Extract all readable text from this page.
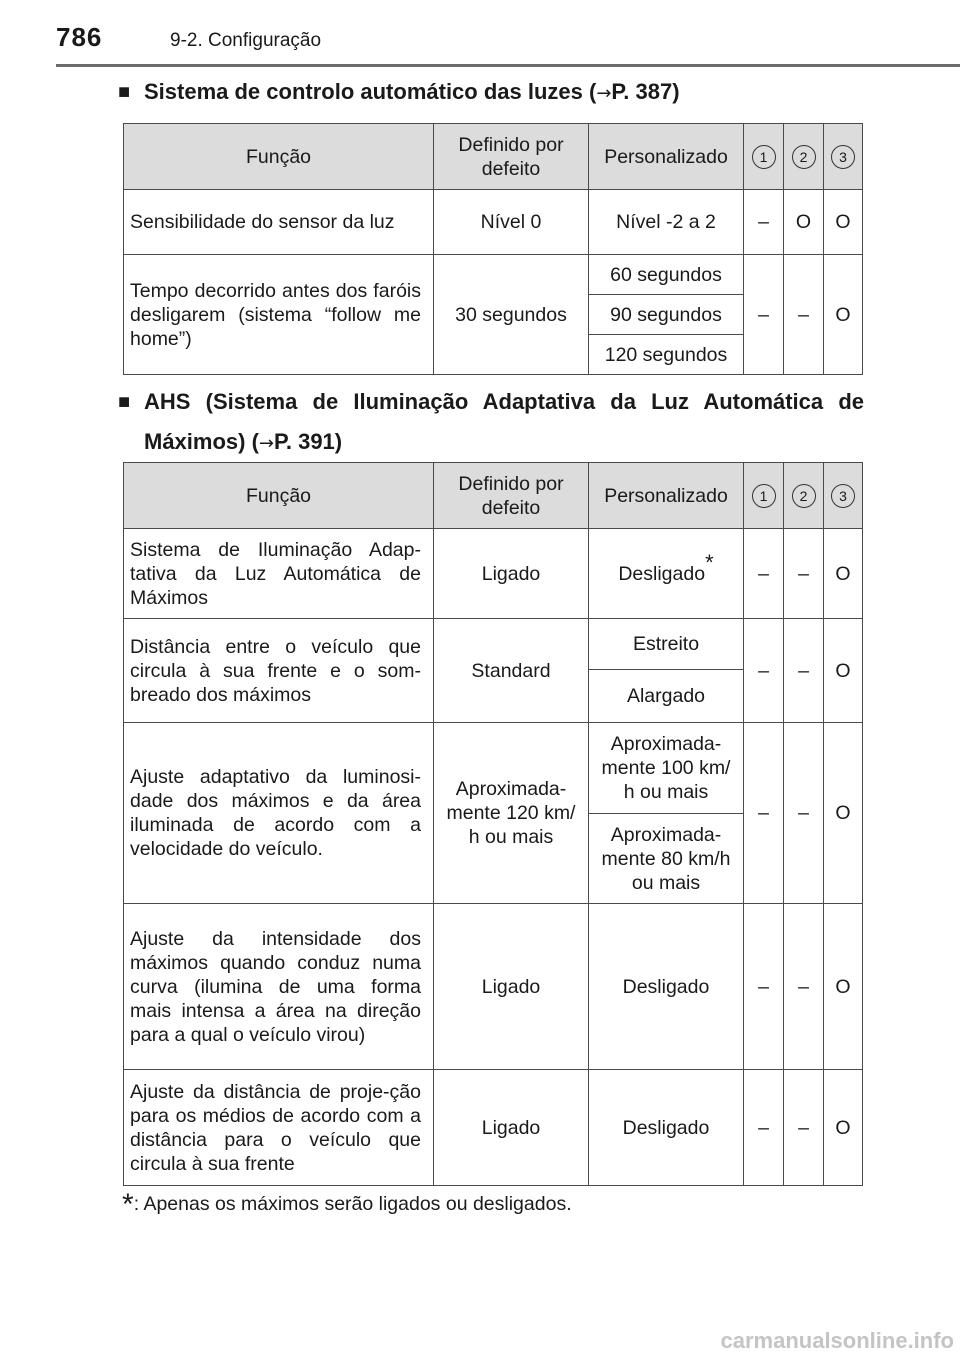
786	9-2. Configuração
■ Sistema de controlo automático das luzes (→P. 387)
Função	Definido por defeito	Personalizado	1	2	3
Sensibilidade do sensor da luz	Nível 0	Nível -2 a 2	–	O	O
Tempo decorrido antes dos faróis desligarem (sistema “follow me home”)	30 segundos	60 segundos	–	–	O
		90 segundos			
		120 segundos			
■ AHS (Sistema de Iluminação Adaptativa da Luz Automática de Máximos) (→P. 391)
Função	Definido por defeito	Personalizado	1	2	3
Sistema de Iluminação Adap-tativa da Luz Automática de Máximos	Ligado	Desligado*	–	–	O
Distância entre o veículo que circula à sua frente e o som-breado dos máximos	Standard	Estreito	–	–	O
		Alargado			
Ajuste adaptativo da luminosi-dade dos máximos e da área iluminada de acordo com a velocidade do veículo.	Aproximada-mente 120 km/ h ou mais	Aproximada-mente 100 km/ h ou mais	–	–	O
		Aproximada-mente 80 km/h ou mais			
Ajuste da intensidade dos máximos quando conduz numa curva (ilumina de uma forma mais intensa a área na direção para a qual o veículo virou)	Ligado	Desligado	–	–	O
Ajuste da distância de proje-ção para os médios de acordo com a distância para o veículo que circula à sua frente	Ligado	Desligado	–	–	O
*: Apenas os máximos serão ligados ou desligados.
carmanualsonline.info
